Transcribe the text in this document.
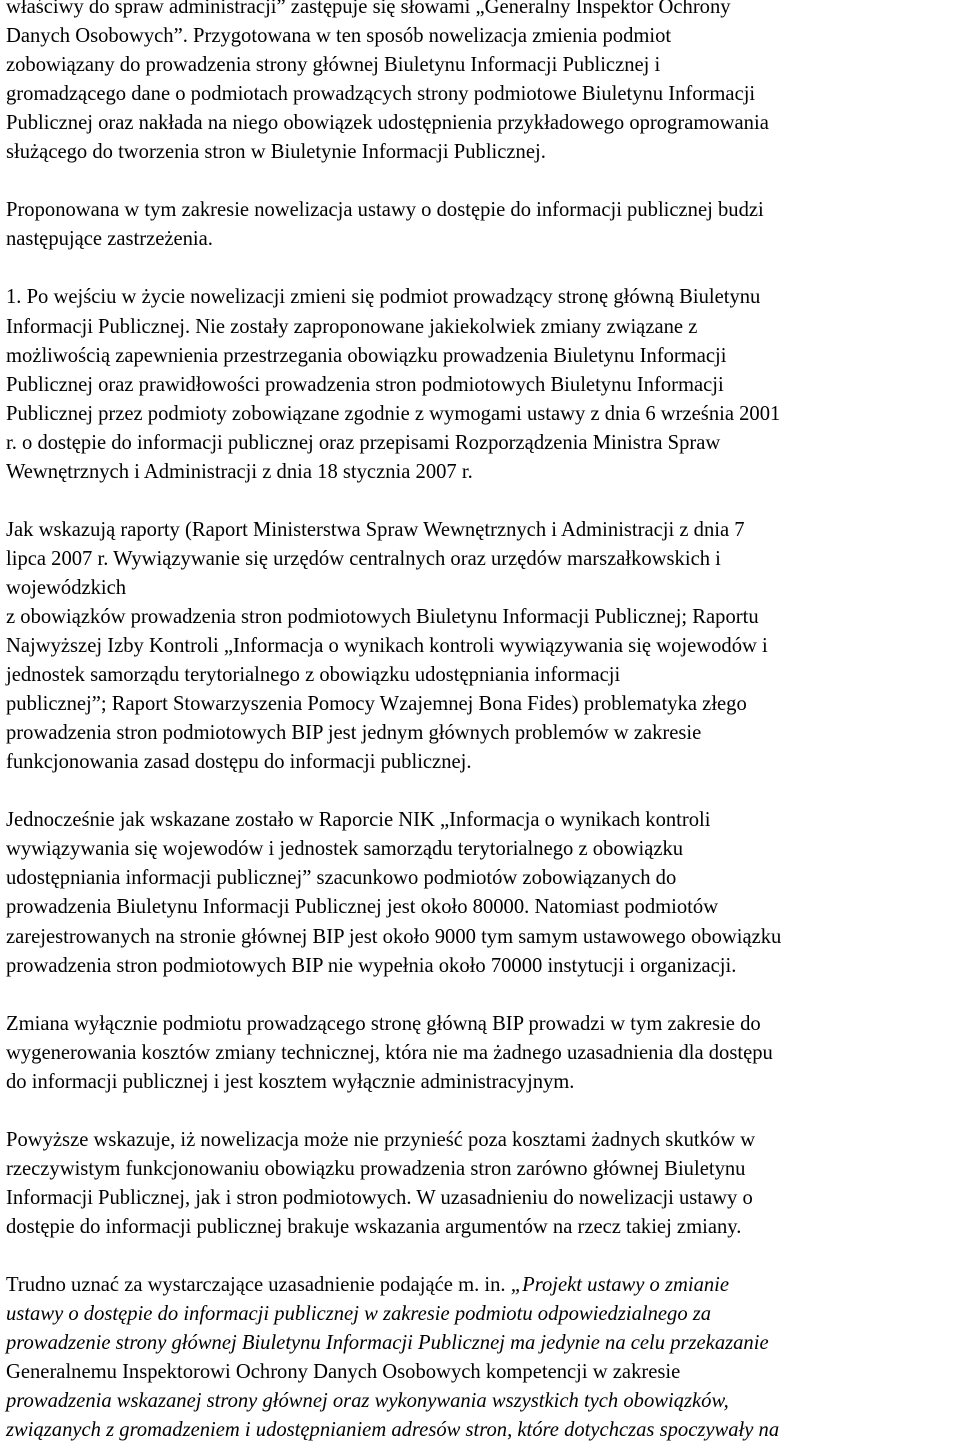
właściwy do spraw administracji” zastępuje się słowami „Generalny Inspektor Ochrony
Danych Osobowych”. Przygotowana w ten sposób nowelizacja zmienia podmiot
zobowiązany do prowadzenia strony głównej Biuletynu Informacji Publicznej i
gromadzącego dane o podmiotach prowadzących strony podmiotowe Biuletynu Informacji
Publicznej oraz nakłada na niego obowiązek udostępnienia przykładowego oprogramowania
służącego do tworzenia stron w Biuletynie Informacji Publicznej.

Proponowana w tym zakresie nowelizacja ustawy o dostępie do informacji publicznej budzi
następujące zastrzeżenia.

1. Po wejściu w życie nowelizacji zmieni się podmiot prowadzący stronę główną Biuletynu
Informacji Publicznej. Nie zostały zaproponowane jakiekolwiek zmiany związane z
możliwością zapewnienia przestrzegania obowiązku prowadzenia Biuletynu Informacji
Publicznej oraz prawidłowości prowadzenia stron podmiotowych Biuletynu Informacji
Publicznej przez podmioty zobowiązane zgodnie z wymogami ustawy z dnia 6 września 2001
r. o dostępie do informacji publicznej oraz przepisami Rozporządzenia Ministra Spraw
Wewnętrznych i Administracji z dnia 18 stycznia 2007 r.

Jak wskazują raporty (Raport Ministerstwa Spraw Wewnętrznych i Administracji z dnia 7
lipca 2007 r. Wywiązywanie się urzędów centralnych oraz urzędów marszałkowskich i
wojewódzkich
z obowiązków prowadzenia stron podmiotowych Biuletynu Informacji Publicznej; Raportu
Najwyższej Izby Kontroli „Informacja o wynikach kontroli wywiązywania się wojewodów i
jednostek samorządu terytorialnego z obowiązku udostępniania informacji
publicznej”; Raport Stowarzyszenia Pomocy Wzajemnej Bona Fides) problematyka złego
prowadzenia stron podmiotowych BIP jest jednym głównych problemów w zakresie
funkcjonowania zasad dostępu do informacji publicznej.

Jednocześnie jak wskazane zostało w Raporcie NIK „Informacja o wynikach kontroli
wywiązywania się wojewodów i jednostek samorządu terytorialnego z obowiązku
udostępniania informacji publicznej” szacunkowo podmiotów zobowiązanych do
prowadzenia Biuletynu Informacji Publicznej jest około 80000. Natomiast podmiotów
zarejestrowanych na stronie głównej BIP jest około 9000 tym samym ustawowego obowiązku
prowadzenia stron podmiotowych BIP nie wypełnia około 70000 instytucji i organizacji.

Zmiana wyłącznie podmiotu prowadzącego stronę główną BIP prowadzi w tym zakresie do
wygenerowania kosztów zmiany technicznej, która nie ma żadnego uzasadnienia dla dostępu
do informacji publicznej i jest kosztem wyłącznie administracyjnym.

Powyższe wskazuje, iż nowelizacja może nie przynieść poza kosztami żadnych skutków w
rzeczywistym funkcjonowaniu obowiązku prowadzenia stron zarówno głównej Biuletynu
Informacji Publicznej, jak i stron podmiotowych. W uzasadnieniu do nowelizacji ustawy o
dostępie do informacji publicznej brakuje wskazania argumentów na rzecz takiej zmiany.

Trudno uznać za wystarczające uzasadnienie podająće m. in. „Projekt ustawy o zmianie
ustawy o dostępie do informacji publicznej w zakresie podmiotu odpowiedzialnego za
prowadzenie strony głównej Biuletynu Informacji Publicznej ma jedynie na celu przekazanie
Generalnemu Inspektorowi Ochrony Danych Osobowych kompetencji w zakresie
prowadzenia wskazanej strony głównej oraz wykonywania wszystkich tych obowiązków,
związanych z gromadzeniem i udostępnianiem adresów stron, które dotychczas spoczywały na
